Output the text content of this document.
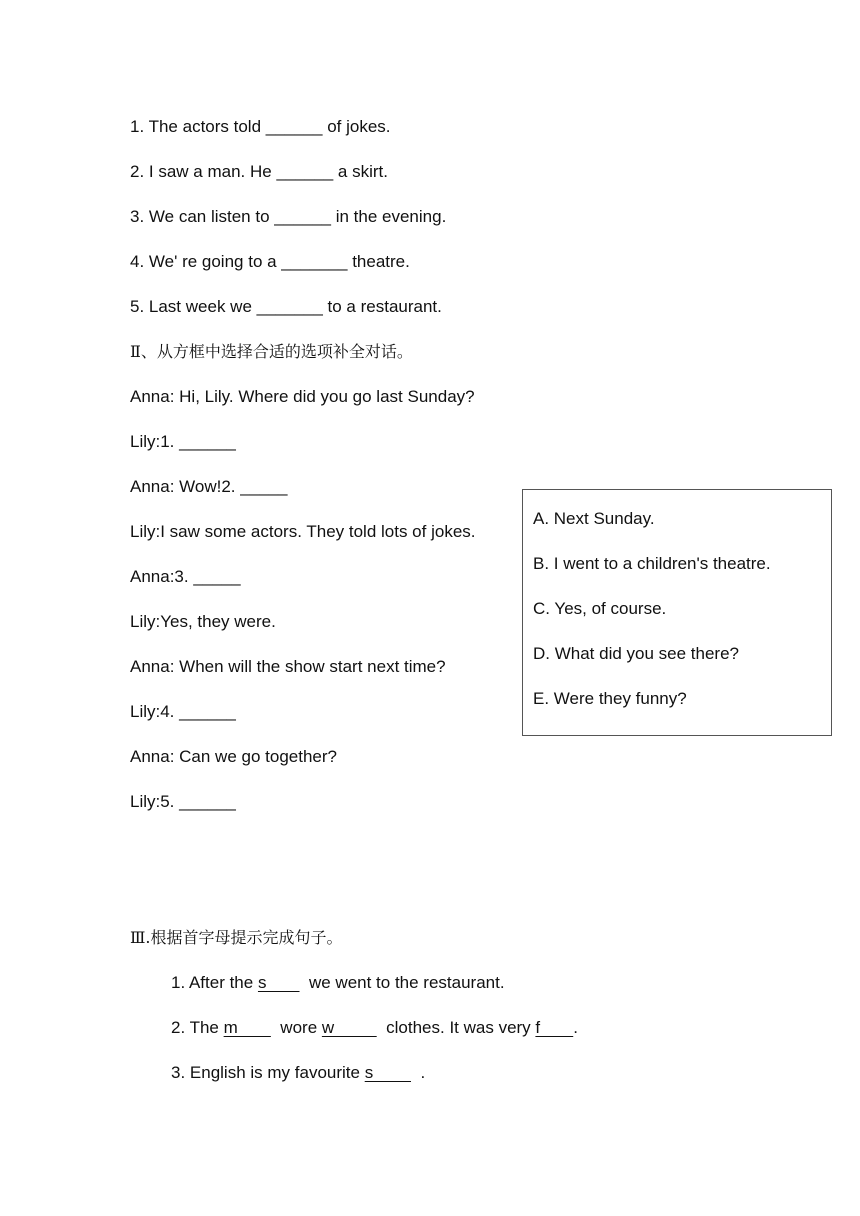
1. The actors told ______ of jokes.
2. I saw a man. He ______ a skirt.
3. We can listen to ______ in the evening.
4. We' re going to a _______ theatre.
5. Last week we _______ to a restaurant.
Ⅱ、从方框中选择合适的选项补全对话。
Anna: Hi, Lily. Where did you go last Sunday?
Lily:1. ______
Anna: Wow!2. _____
Lily:I saw some actors. They told lots of jokes.
Anna:3. _____
Lily:Yes, they were.
Anna: When will the show start next time?
Lily:4. ______
Anna: Can we go together?
Lily:5. ______
A. Next Sunday.
B. I went to a children's theatre.
C. Yes, of course.
D. What did you see there?
E. Were they funny?
Ⅲ.根据首字母提示完成句子。
1. After the s         we went to the restaurant.
2. The m         wore w           clothes. It was very f       .
3. English is my favourite s          .
